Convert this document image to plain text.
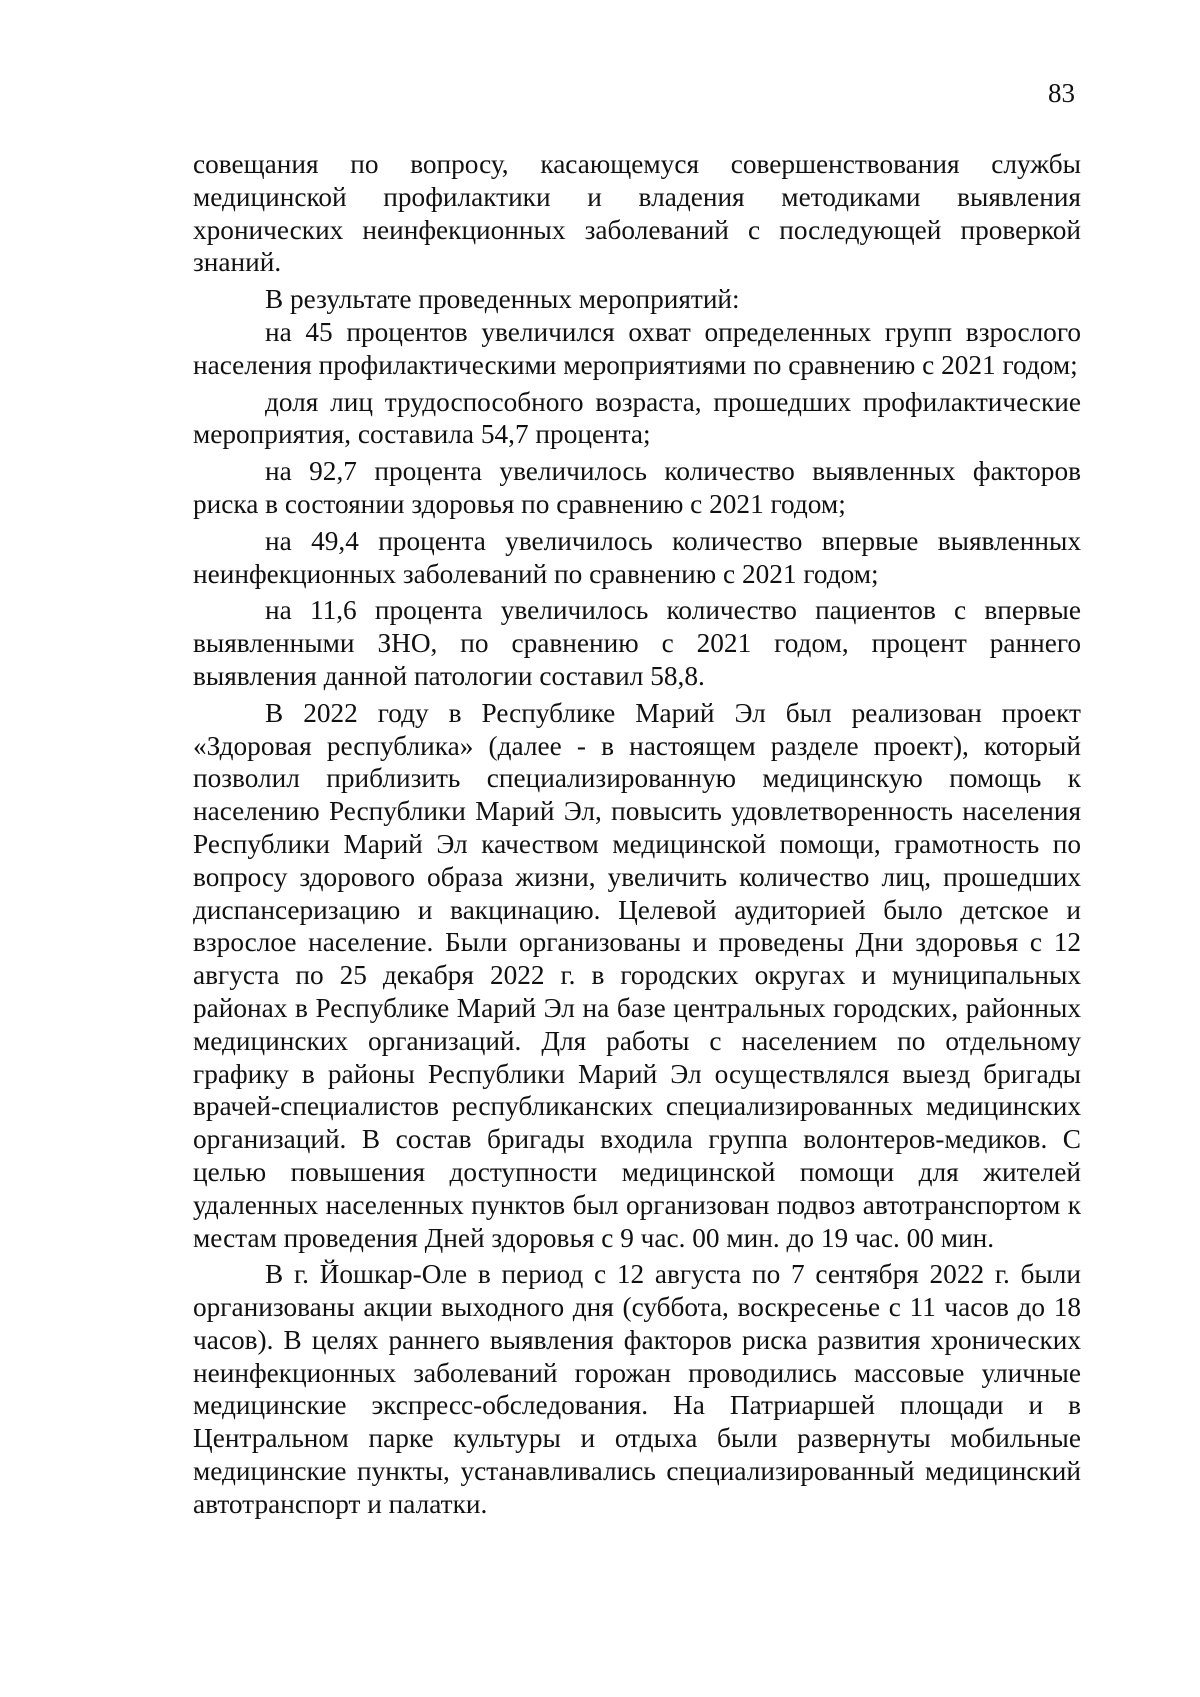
83

совещания по вопросу, касающемуся совершенствования службы медицинской профилактики и владения методиками выявления хронических неинфекционных заболеваний с последующей проверкой знаний.

В результате проведенных мероприятий:

на 45 процентов увеличился охват определенных групп взрослого населения профилактическими мероприятиями по сравнению с 2021 годом;

доля лиц трудоспособного возраста, прошедших профилактические мероприятия, составила 54,7 процента;

на 92,7 процента увеличилось количество выявленных факторов риска в состоянии здоровья по сравнению с 2021 годом;

на 49,4 процента увеличилось количество впервые выявленных неинфекционных заболеваний по сравнению с 2021 годом;

на 11,6 процента увеличилось количество пациентов с впервые выявленными ЗНО, по сравнению с 2021 годом, процент раннего выявления данной патологии составил 58,8.

В 2022 году в Республике Марий Эл был реализован проект «Здоровая республика» (далее - в настоящем разделе проект), который позволил приблизить специализированную медицинскую помощь к населению Республики Марий Эл, повысить удовлетворенность населения Республики Марий Эл качеством медицинской помощи, грамотность по вопросу здорового образа жизни, увеличить количество лиц, прошедших диспансеризацию и вакцинацию. Целевой аудиторией было детское и взрослое население. Были организованы и проведены Дни здоровья с 12 августа по 25 декабря 2022 г. в городских округах и муниципальных районах в Республике Марий Эл на базе центральных городских, районных медицинских организаций. Для работы с населением по отдельному графику в районы Республики Марий Эл осуществлялся выезд бригады врачей-специалистов республиканских специализированных медицинских организаций. В состав бригады входила группа волонтеров-медиков. С целью повышения доступности медицинской помощи для жителей удаленных населенных пунктов был организован подвоз автотранспортом к местам проведения Дней здоровья с 9 час. 00 мин. до 19 час. 00 мин.

В г. Йошкар-Оле в период с 12 августа по 7 сентября 2022 г. были организованы акции выходного дня (суббота, воскресенье с 11 часов до 18 часов). В целях раннего выявления факторов риска развития хронических неинфекционных заболеваний горожан проводились массовые уличные медицинские экспресс-обследования. На Патриаршей площади и в Центральном парке культуры и отдыха были развернуты мобильные медицинские пункты, устанавливались специализированный медицинский автотранспорт и палатки.
